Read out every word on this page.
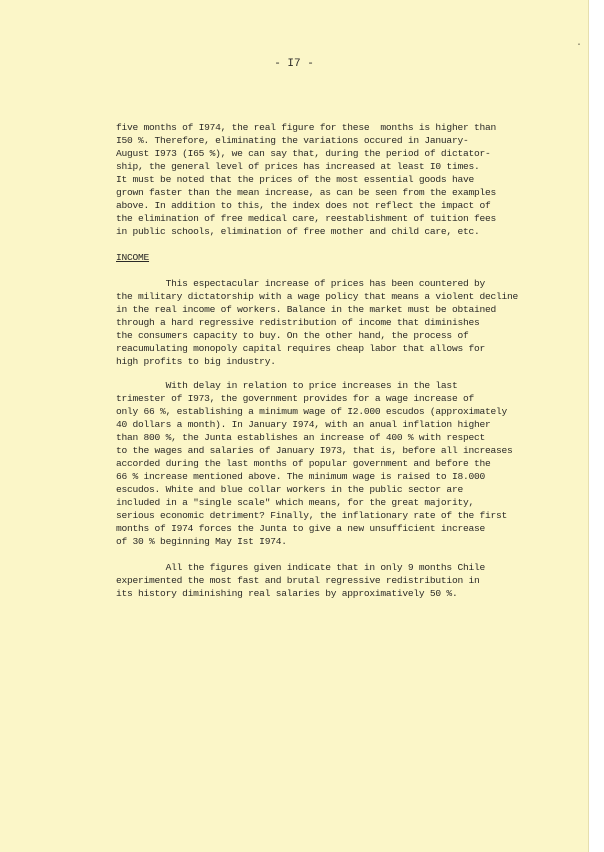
·

- I7 -

five months of I974, the real figure for these  months is higher than
I50 %. Therefore, eliminating the variations occured in January-
August I973 (I65 %), we can say that, during the period of dictator-
ship, the general level of prices has increased at least I0 times.
It must be noted that the prices of the most essential goods have
grown faster than the mean increase, as can be seen from the examples
above. In addition to this, the index does not reflect the impact of
the elimination of free medical care, reestablishment of tuition fees
in public schools, elimination of free mother and child care, etc.
INCOME
This espectacular increase of prices has been countered by
the military dictatorship with a wage policy that means a violent decline
in the real income of workers. Balance in the market must be obtained
through a hard regressive redistribution of income that diminishes
the consumers capacity to buy. On the other hand, the process of
reacumulating monopoly capital requires cheap labor that allows for
high profits to big industry.
With delay in relation to price increases in the last
trimester of I973, the government provides for a wage increase of
only 66 %, establishing a minimum wage of I2.000 escudos (approximately
40 dollars a month). In January I974, with an anual inflation higher
than 800 %, the Junta establishes an increase of 400 % with respect
to the wages and salaries of January I973, that is, before all increases
accorded during the last months of popular government and before the
66 % increase mentioned above. The minimum wage is raised to I8.000
escudos. White and blue collar workers in the public sector are
included in a "single scale" which means, for the great majority,
serious economic detriment? Finally, the inflationary rate of the first
months of I974 forces the Junta to give a new unsufficient increase
of 30 % beginning May Ist I974.
All the figures given indicate that in only 9 months Chile
experimented the most fast and brutal regressive redistribution in
its history diminishing real salaries by approximatively 50 %.
